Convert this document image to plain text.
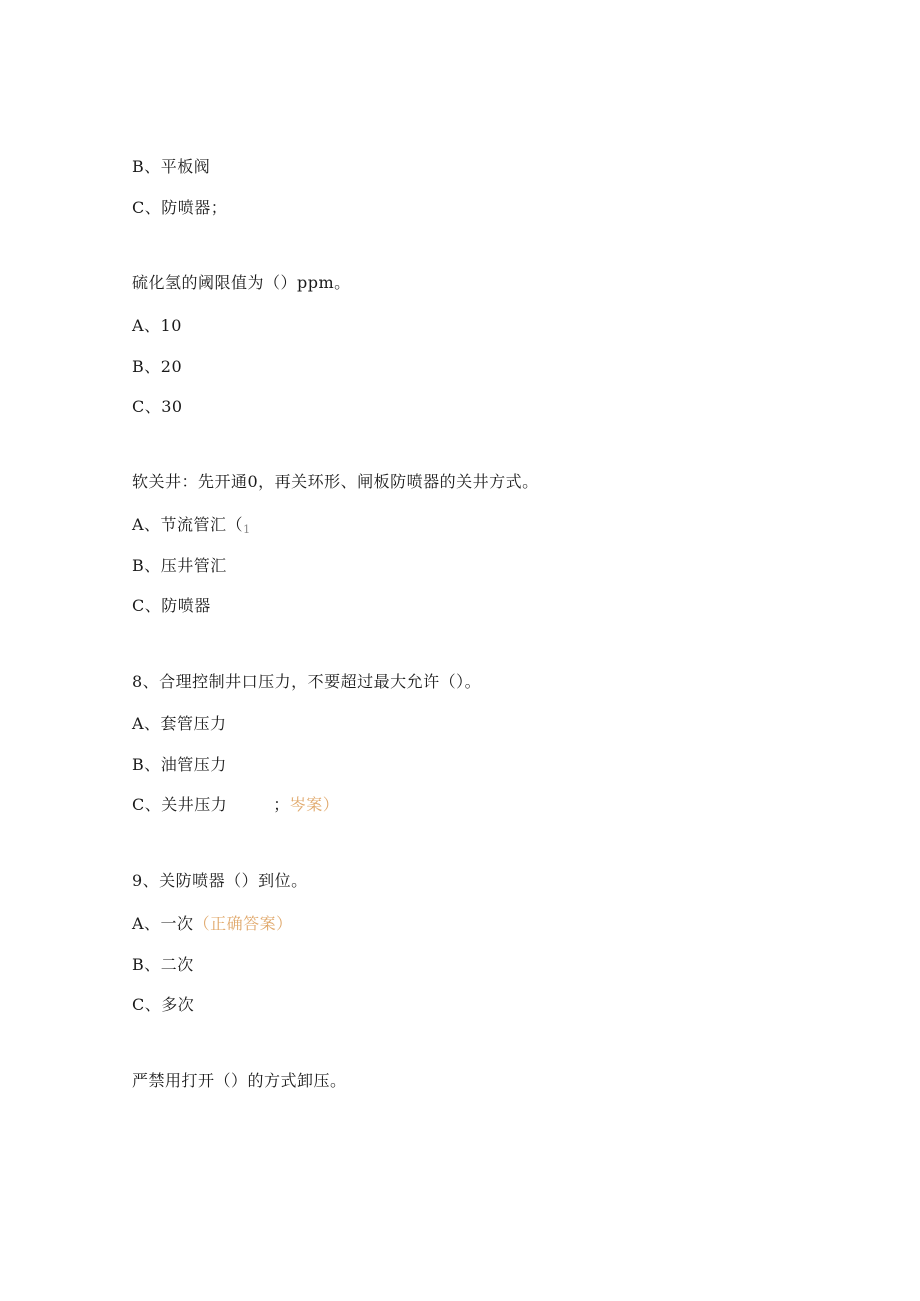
B、平板阀
C、防喷器；
硫化氢的阈限值为（）ppm。
A、10
B、20
C、30
软关井：先开通0，再关环形、闸板防喷器的关井方式。
A、节流管汇（1
B、压井管汇
C、防喷器
8、合理控制井口压力，不要超过最大允许（）。
A、套管压力
B、油管压力
C、关井压力	；岑案）
9、关防喷器（）到位。
A、一次（正确答案）
B、二次
C、多次
严禁用打开（）的方式卸压。
